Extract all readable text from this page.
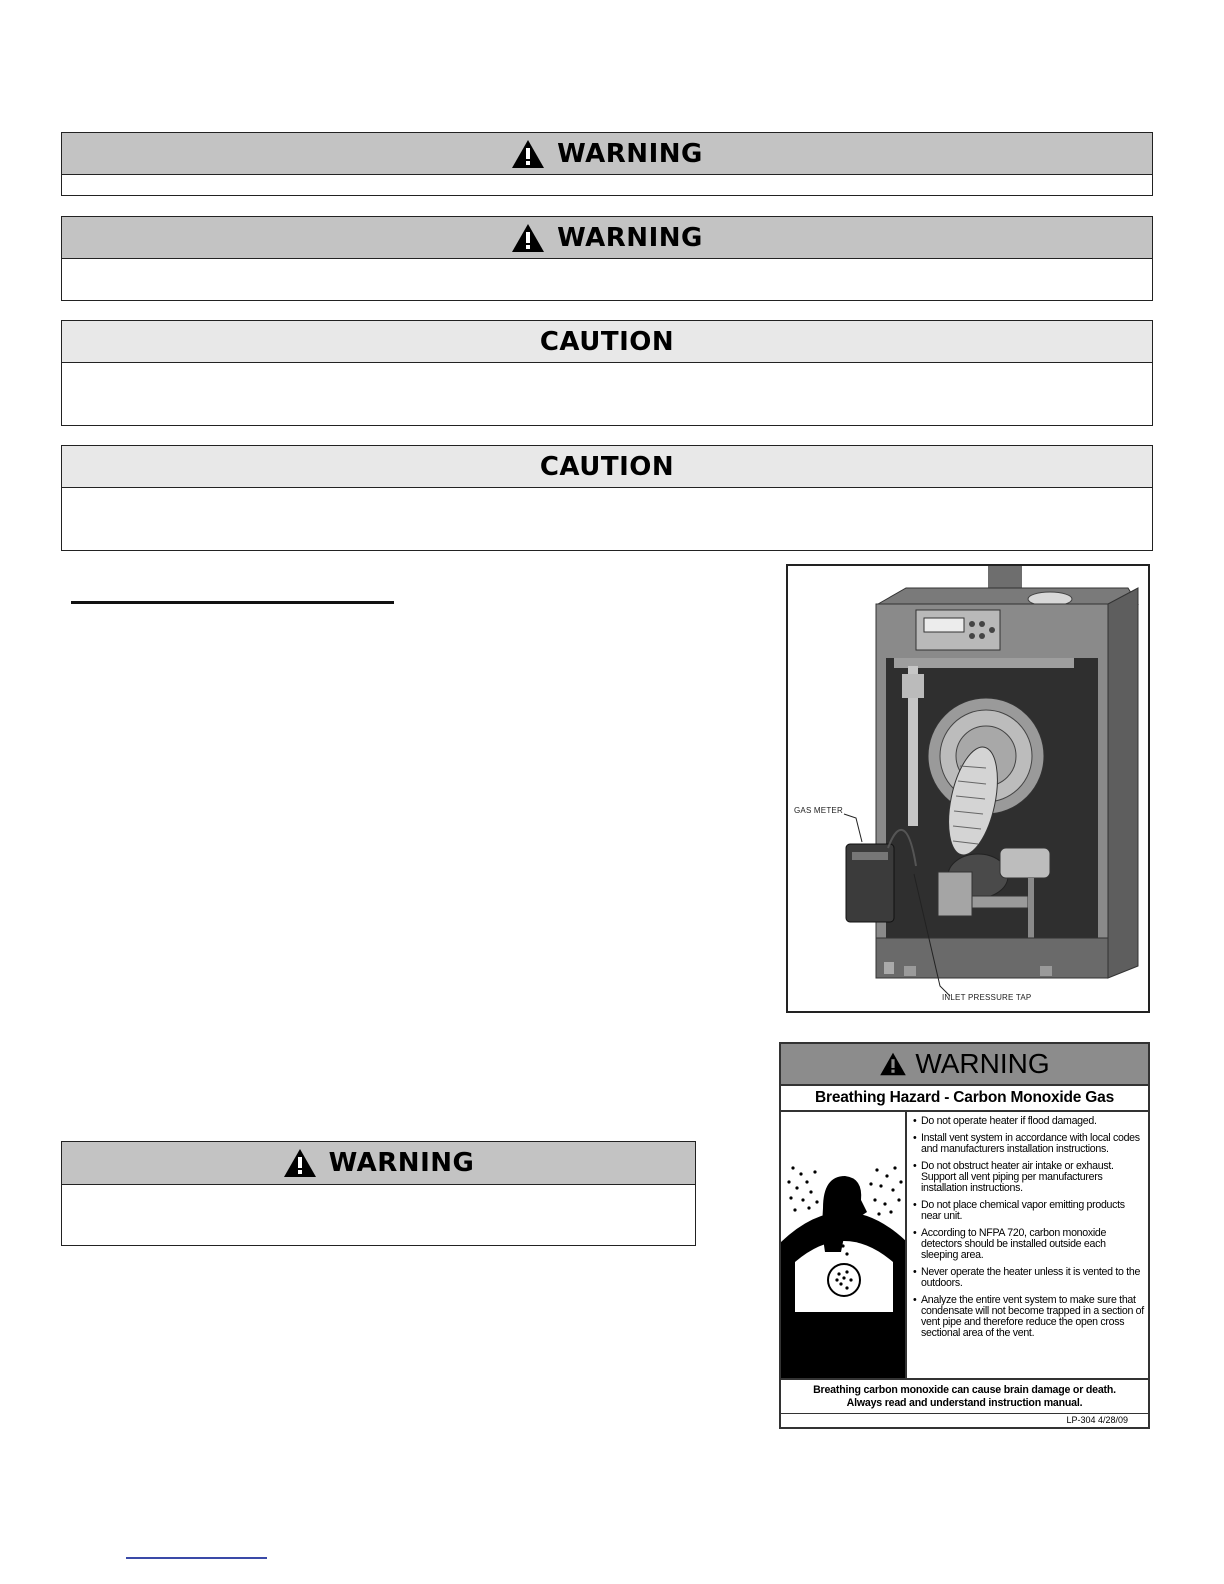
WARNING
WARNING
CAUTION
CAUTION
GAS METER
INLET PRESSURE TAP
WARNING
Breathing Hazard - Carbon Monoxide Gas
• Do not operate heater if flood damaged.
• Install vent system in accordance with local codes and manufacturers installation instructions.
• Do not obstruct heater air intake or exhaust. Support all vent piping per manufacturers installation instructions.
• Do not place chemical vapor emitting products near unit.
• According to NFPA 720, carbon monoxide detectors should be installed outside each sleeping area.
• Never operate the heater unless it is vented to the outdoors.
• Analyze the entire vent system to make sure that condensate will not become trapped in a section of vent pipe and therefore reduce the open cross sectional area of the vent.
Breathing carbon monoxide can cause brain damage or death.
Always read and understand instruction manual.
LP-304 4/28/09
WARNING
